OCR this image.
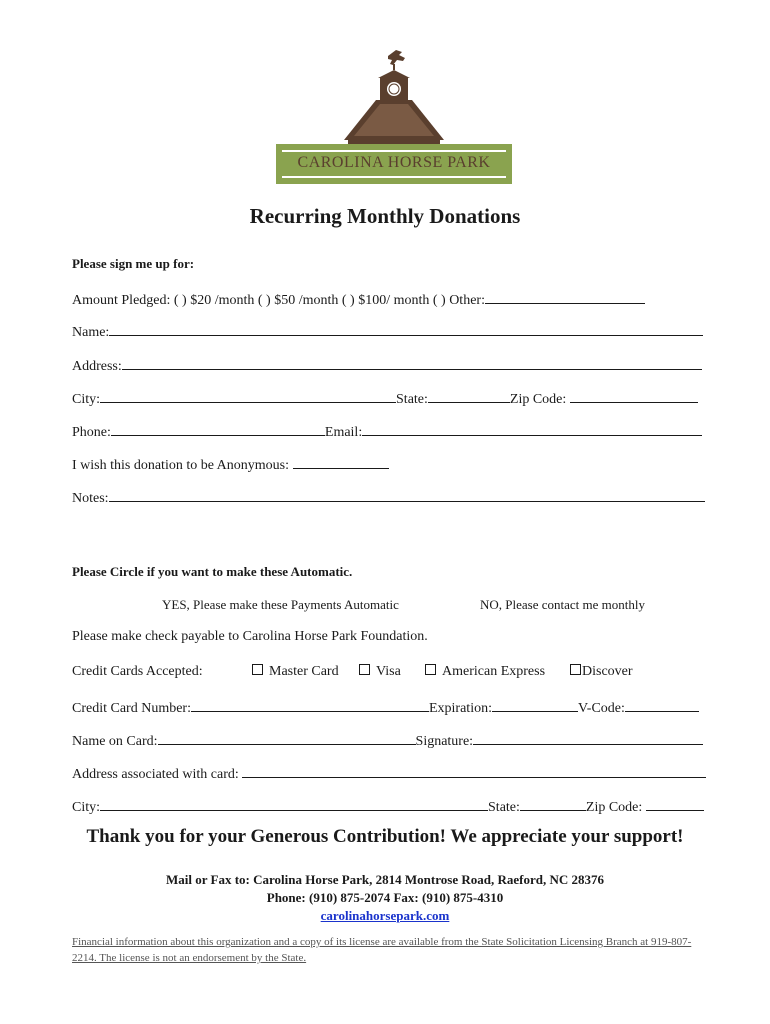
CAROLINA HORSE PARK
Recurring Monthly Donations
Please sign me up for:
Amount Pledged:
( ) $20 /month ( ) $50 /month ( ) $100/ month ( ) Other:
Name:
Address:
City:	State:	Zip Code:

Phone:	Email:
I wish this donation to be Anonymous:

Notes:
Please Circle if you want to make these Automatic.
YES, Please make these Payments Automatic	NO, Please contact me monthly
Please make check payable to Carolina Horse Park Foundation.
Credit Cards Accepted:	Master Card	Visa	American Express	Discover
Credit Card Number:	Expiration:	V-Code:
Name on Card:	Signature:
Address associated with card:

City:	State:	Zip Code:

Thank you for your Generous Contribution! We appreciate your support!
Mail or Fax to: Carolina Horse Park, 2814 Montrose Road, Raeford, NC 28376
Phone: (910) 875-2074 Fax: (910) 875-4310
carolinahorsepark.com
Financial information about this organization and a copy of its license are available from the State Solicitation Licensing Branch at 919-807-2214. The license is not an endorsement by the State.
